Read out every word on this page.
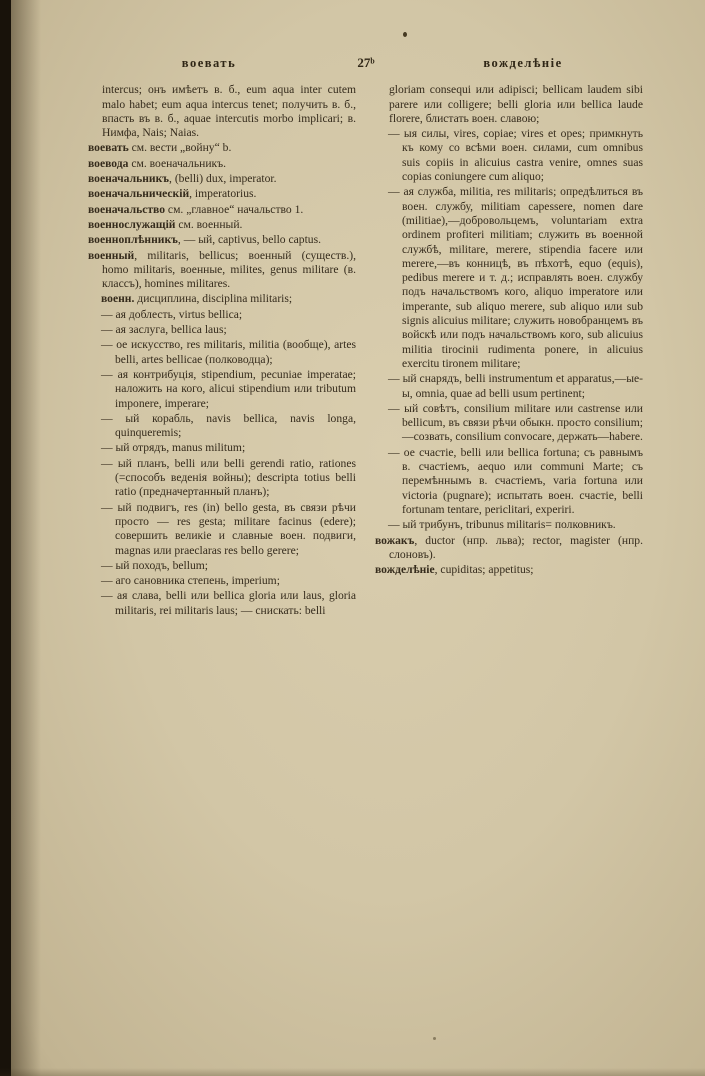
воевать	27ᵇ	вожделѣніе

intercus; онъ имѣетъ в. б., eum aqua inter cutem malo habet; eum aqua intercus tenet; получить в. б., впасть въ в. б., aquae intercutis morbo implicari; в. Нимфа, Nais; Naias.

воевать см. вести „войну“ b.

воевода см. военачальникъ.

военачальникъ, (belli) dux, imperator.

военачальническій, imperatorius.

военачальство см. „главное“ начальство 1.

военнослужащій см. военный.

военноплѣнникъ, — ый, captivus, bello captus.

военный, militaris, bellicus; военный (существ.), homo militaris, военные, milites, genus militare (в. классъ), homines militares.

военн. дисциплина, disciplina militaris;

— ая доблесть, virtus bellica;

— ая заслуга, bellica laus;

— ое искусство, res militaris, militia (вообще), artes belli, artes bellicae (полководца);

— ая контрибуція, stipendium, pecuniae imperatae; наложить на кого, alicui stipendium или tributum imponere, imperare;

— ый корабль, navis bellica, navis longa, quinqueremis;

— ый отрядъ, manus militum;

— ый планъ, belli или belli gerendi ratio, rationes (=способъ веденія войны); descripta totius belli ratio (предначертанный планъ);

— ый подвигъ, res (in) bello gesta, въ связи рѣчи просто — res gesta; militare facinus (edere); совершить великіе и славные воен. подвиги, magnas или praeclaras res bello gerere;

— ый походъ, bellum;

— аго сановника степень, imperium;

— ая слава, belli или bellica gloria или laus, gloria militaris, rei militaris laus; — снискать: belli

gloriam consequi или adipisci; bellicam laudem sibi parere или colligere; belli gloria или bellica laude florere, блистать воен. славою;

— ыя силы, vires, copiae; vires et opes; примкнуть къ кому со всѣми воен. силами, cum omnibus suis copiis in alicuius castra venire, omnes suas copias coniungere cum aliquo;

— ая служба, militia, res militaris; опредѣлиться въ воен. службу, militiam capessere, nomen dare (militiae),—добровольцемъ, voluntariam extra ordinem profiteri militiam; служить въ военной службѣ, militare, merere, stipendia facere или merere,—въ конницѣ, въ пѣхотѣ, equo (equis), pedibus merere и т. д.; исправлять воен. службу подъ начальствомъ кого, aliquo imperatore или imperante, sub aliquo merere, sub aliquo или sub signis alicuius militare; служить новобранцемъ въ войскѣ или подъ начальствомъ кого, sub alicuius militia tirocinii rudimenta ponere, in alicuius exercitu tironem militare;

— ый снарядъ, belli instrumentum et apparatus,—ые-ы, omnia, quae ad belli usum pertinent;

— ый совѣтъ, consilium militare или castrense или bellicum, въ связи рѣчи обыкн. просто consilium;—созвать, consilium convocare, держать—habere.

— ое счастіе, belli или bellica fortuna; съ равнымъ в. счастіемъ, aequo или communi Marte; съ перемѣннымъ в. счастіемъ, varia fortuna или victoria (pugnare); испытать воен. счастіе, belli fortunam tentare, periclitari, experiri.

— ый трибунъ, tribunus militaris= полковникъ.

вожакъ, ductor (нпр. льва); rector, magister (нпр. слоновъ).

вожделѣніе, cupiditas; appetitus;
